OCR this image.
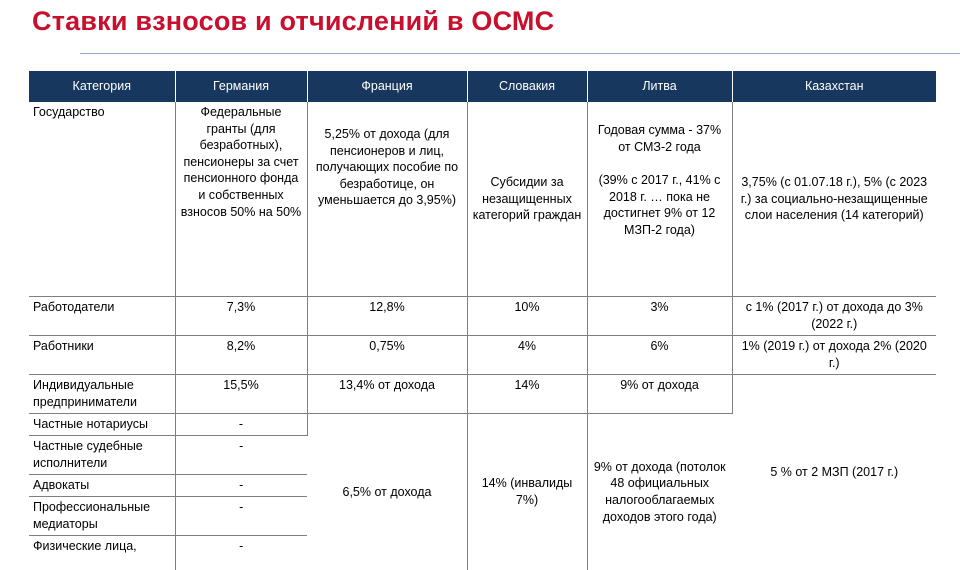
Ставки взносов и отчислений в ОСМС
Категория	Германия	Франция	Словакия	Литва	Казахстан
Государство	Федеральные гранты (для безработных), пенсионеры за счет пенсионного фонда и собственных взносов 50% на 50%	5,25% от дохода (для пенсионеров и лиц, получающих пособие по безработице, он уменьшается до 3,95%)	Субсидии за незащищенных категорий граждан	Годовая сумма - 37% от СМЗ-2 года
(39% с 2017 г., 41% с 2018 г. … пока не достигнет 9% от 12 МЗП-2 года)	3,75% (с 01.07.18 г.), 5% (с 2023 г.) за социально-незащищенные слои населения (14 категорий)
Работодатели	7,3%	12,8%	10%	3%	с 1% (2017 г.) от дохода до 3% (2022 г.)
Работники	8,2%	0,75%	4%	6%	1% (2019 г.) от дохода 2% (2020 г.)
Индивидуальные предприниматели	15,5%	13,4% от дохода	14%	9% от дохода	5 % от 2 МЗП (2017 г.)
Частные нотариусы	-	6,5% от дохода	14% (инвалиды 7%)	9% от дохода (потолок 48 официальных налогооблагаемых доходов этого года)	
Частные судебные исполнители	-				
Адвокаты	-				
Профессиональные медиаторы	-				
Физические лица,	-				
